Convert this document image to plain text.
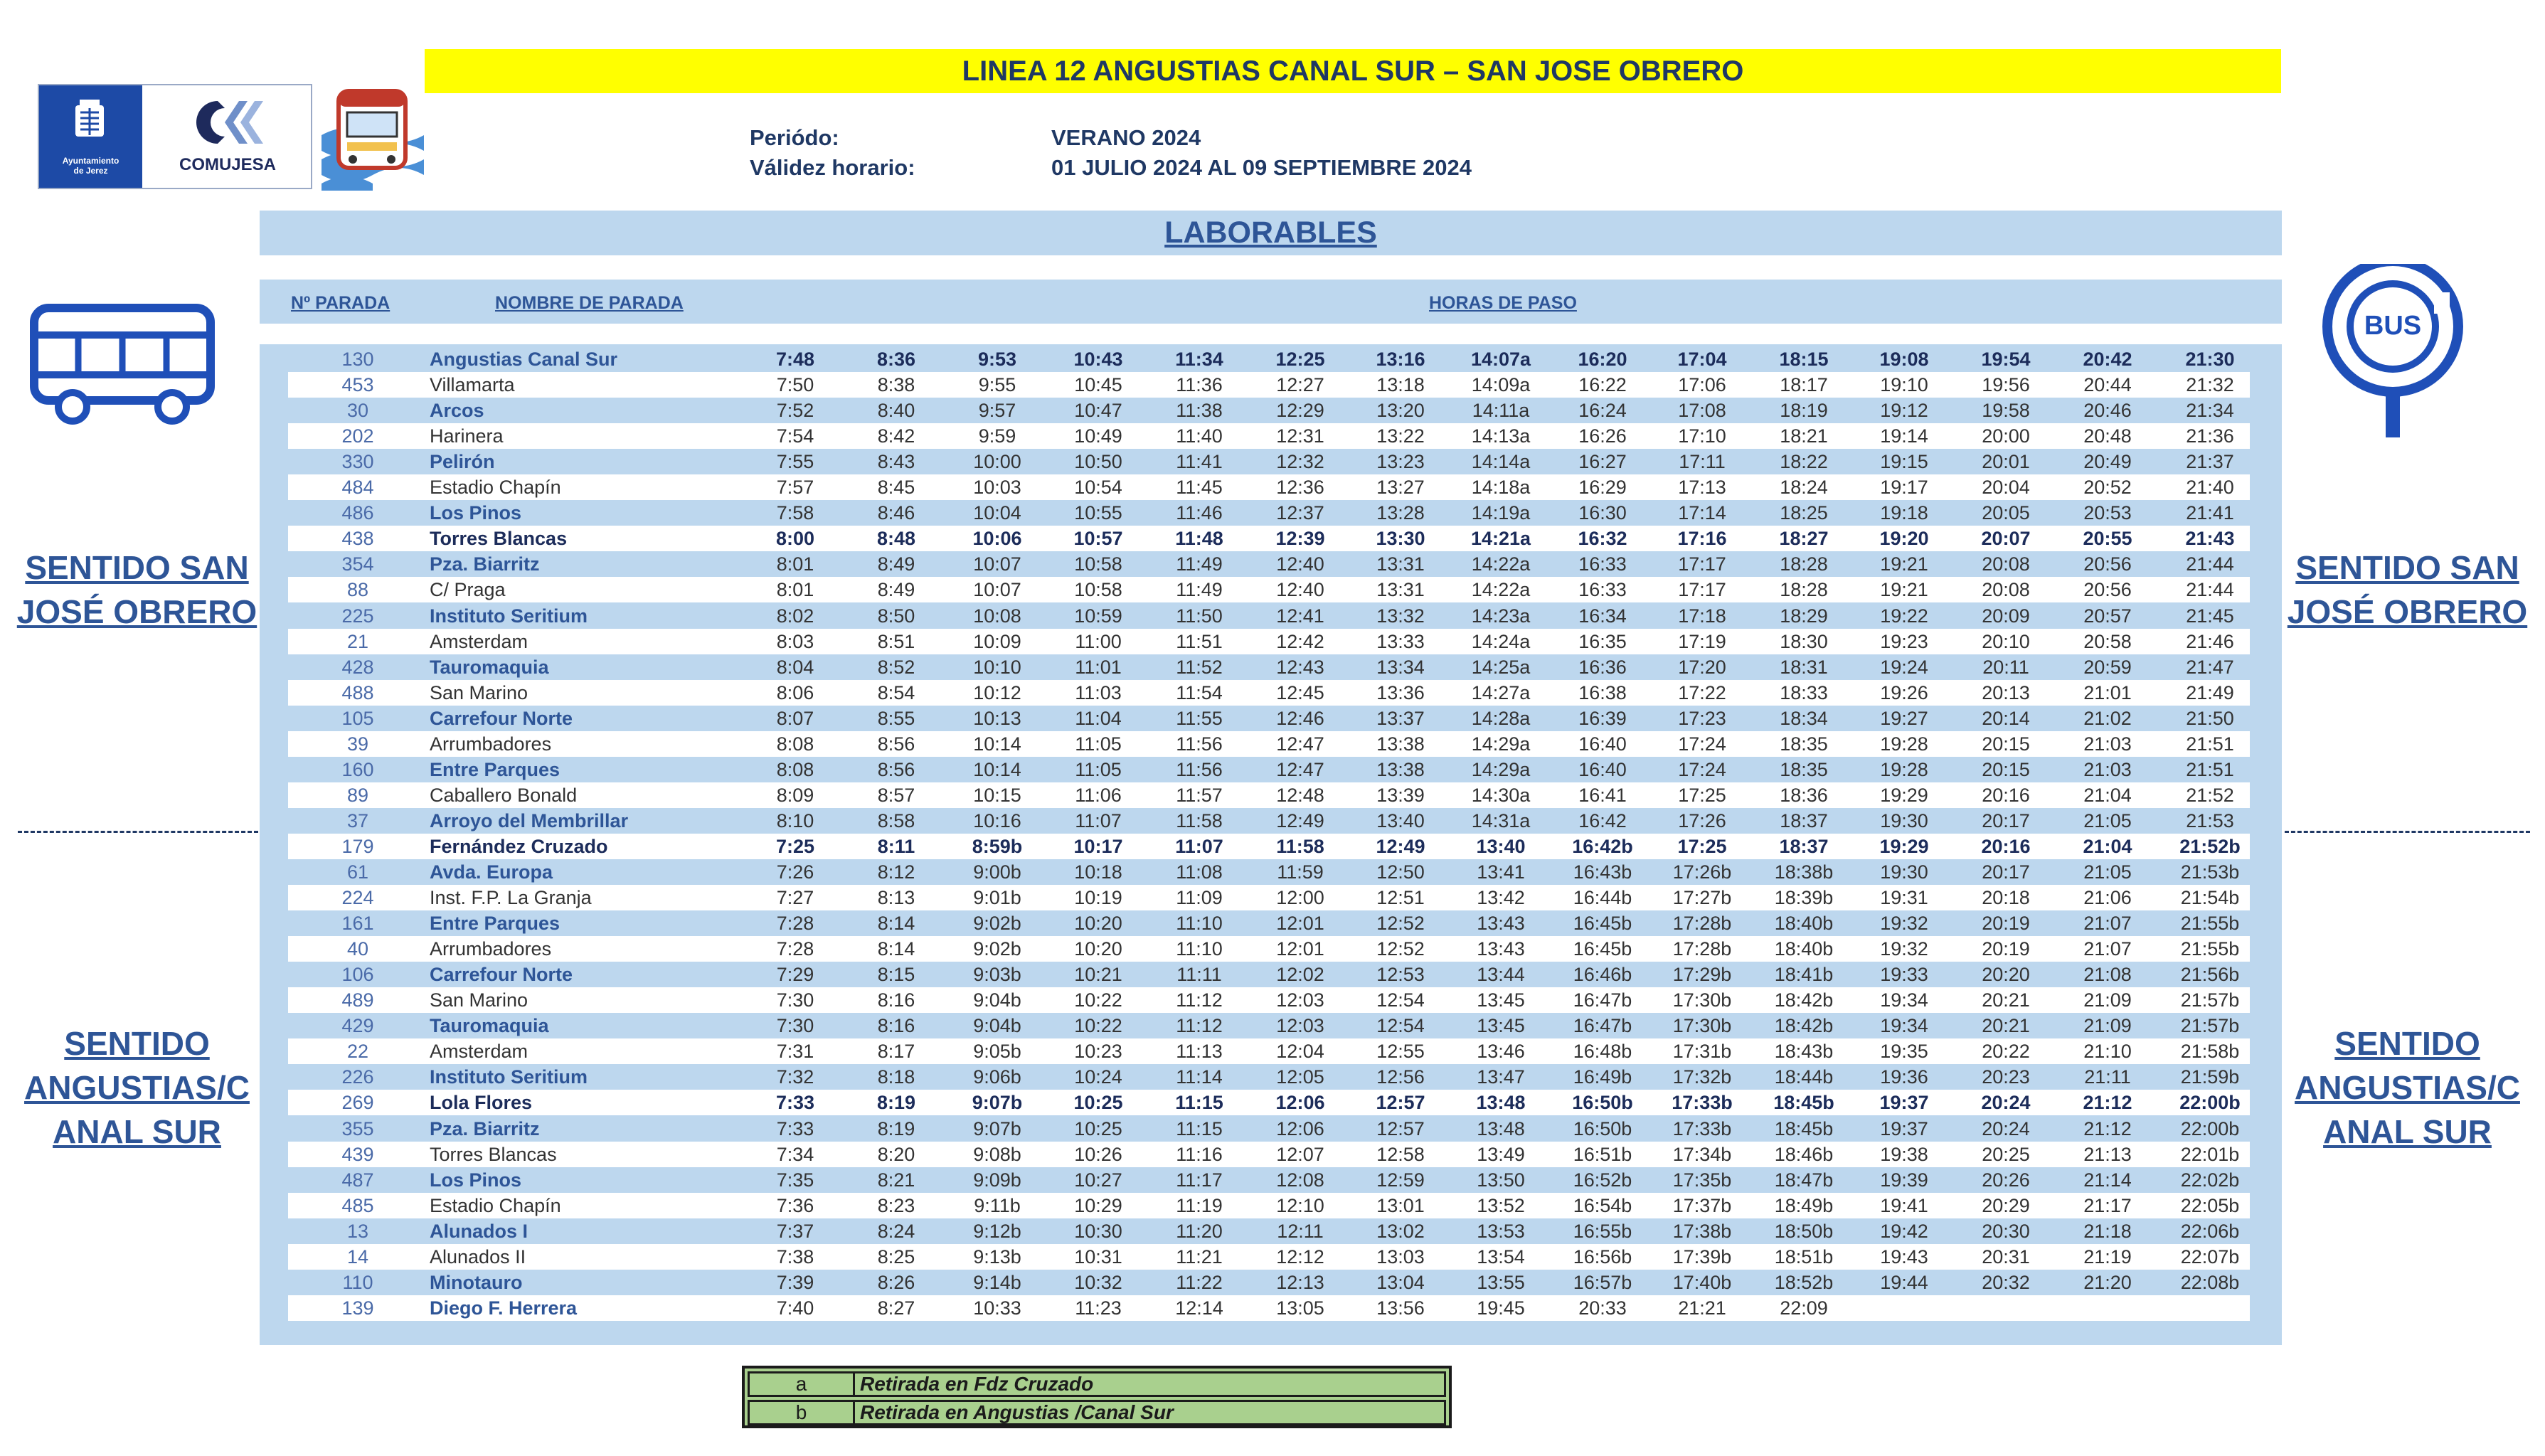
LINEA 12 ANGUSTIAS CANAL SUR – SAN JOSE OBRERO
Ayuntamiento
de Jerez	COMUJESA
Periódo:	VERANO 2024
Válidez horario:	01 JULIO 2024 AL 09 SEPTIEMBRE 2024
LABORABLES
Nº PARADA	NOMBRE DE PARADA	HORAS DE PASO
130	Angustias Canal Sur	7:48	8:36	9:53	10:43	11:34	12:25	13:16	14:07a	16:20	17:04	18:15	19:08	19:54	20:42	21:30
453	Villamarta	7:50	8:38	9:55	10:45	11:36	12:27	13:18	14:09a	16:22	17:06	18:17	19:10	19:56	20:44	21:32
30	Arcos	7:52	8:40	9:57	10:47	11:38	12:29	13:20	14:11a	16:24	17:08	18:19	19:12	19:58	20:46	21:34
202	Harinera	7:54	8:42	9:59	10:49	11:40	12:31	13:22	14:13a	16:26	17:10	18:21	19:14	20:00	20:48	21:36
330	Pelirón	7:55	8:43	10:00	10:50	11:41	12:32	13:23	14:14a	16:27	17:11	18:22	19:15	20:01	20:49	21:37
484	Estadio Chapín	7:57	8:45	10:03	10:54	11:45	12:36	13:27	14:18a	16:29	17:13	18:24	19:17	20:04	20:52	21:40
486	Los Pinos	7:58	8:46	10:04	10:55	11:46	12:37	13:28	14:19a	16:30	17:14	18:25	19:18	20:05	20:53	21:41
438	Torres Blancas	8:00	8:48	10:06	10:57	11:48	12:39	13:30	14:21a	16:32	17:16	18:27	19:20	20:07	20:55	21:43
354	Pza. Biarritz	8:01	8:49	10:07	10:58	11:49	12:40	13:31	14:22a	16:33	17:17	18:28	19:21	20:08	20:56	21:44
88	C/ Praga	8:01	8:49	10:07	10:58	11:49	12:40	13:31	14:22a	16:33	17:17	18:28	19:21	20:08	20:56	21:44
225	Instituto Seritium	8:02	8:50	10:08	10:59	11:50	12:41	13:32	14:23a	16:34	17:18	18:29	19:22	20:09	20:57	21:45
21	Amsterdam	8:03	8:51	10:09	11:00	11:51	12:42	13:33	14:24a	16:35	17:19	18:30	19:23	20:10	20:58	21:46
428	Tauromaquia	8:04	8:52	10:10	11:01	11:52	12:43	13:34	14:25a	16:36	17:20	18:31	19:24	20:11	20:59	21:47
488	San Marino	8:06	8:54	10:12	11:03	11:54	12:45	13:36	14:27a	16:38	17:22	18:33	19:26	20:13	21:01	21:49
105	Carrefour Norte	8:07	8:55	10:13	11:04	11:55	12:46	13:37	14:28a	16:39	17:23	18:34	19:27	20:14	21:02	21:50
39	Arrumbadores	8:08	8:56	10:14	11:05	11:56	12:47	13:38	14:29a	16:40	17:24	18:35	19:28	20:15	21:03	21:51
160	Entre Parques	8:08	8:56	10:14	11:05	11:56	12:47	13:38	14:29a	16:40	17:24	18:35	19:28	20:15	21:03	21:51
89	Caballero Bonald	8:09	8:57	10:15	11:06	11:57	12:48	13:39	14:30a	16:41	17:25	18:36	19:29	20:16	21:04	21:52
37	Arroyo del Membrillar	8:10	8:58	10:16	11:07	11:58	12:49	13:40	14:31a	16:42	17:26	18:37	19:30	20:17	21:05	21:53
179	Fernández Cruzado	7:25	8:11	8:59b	10:17	11:07	11:58	12:49	13:40	16:42b	17:25	18:37	19:29	20:16	21:04	21:52b
61	Avda. Europa	7:26	8:12	9:00b	10:18	11:08	11:59	12:50	13:41	16:43b	17:26b	18:38b	19:30	20:17	21:05	21:53b
224	Inst. F.P. La Granja	7:27	8:13	9:01b	10:19	11:09	12:00	12:51	13:42	16:44b	17:27b	18:39b	19:31	20:18	21:06	21:54b
161	Entre Parques	7:28	8:14	9:02b	10:20	11:10	12:01	12:52	13:43	16:45b	17:28b	18:40b	19:32	20:19	21:07	21:55b
40	Arrumbadores	7:28	8:14	9:02b	10:20	11:10	12:01	12:52	13:43	16:45b	17:28b	18:40b	19:32	20:19	21:07	21:55b
106	Carrefour Norte	7:29	8:15	9:03b	10:21	11:11	12:02	12:53	13:44	16:46b	17:29b	18:41b	19:33	20:20	21:08	21:56b
489	San Marino	7:30	8:16	9:04b	10:22	11:12	12:03	12:54	13:45	16:47b	17:30b	18:42b	19:34	20:21	21:09	21:57b
429	Tauromaquia	7:30	8:16	9:04b	10:22	11:12	12:03	12:54	13:45	16:47b	17:30b	18:42b	19:34	20:21	21:09	21:57b
22	Amsterdam	7:31	8:17	9:05b	10:23	11:13	12:04	12:55	13:46	16:48b	17:31b	18:43b	19:35	20:22	21:10	21:58b
226	Instituto Seritium	7:32	8:18	9:06b	10:24	11:14	12:05	12:56	13:47	16:49b	17:32b	18:44b	19:36	20:23	21:11	21:59b
269	Lola Flores	7:33	8:19	9:07b	10:25	11:15	12:06	12:57	13:48	16:50b	17:33b	18:45b	19:37	20:24	21:12	22:00b
355	Pza. Biarritz	7:33	8:19	9:07b	10:25	11:15	12:06	12:57	13:48	16:50b	17:33b	18:45b	19:37	20:24	21:12	22:00b
439	Torres Blancas	7:34	8:20	9:08b	10:26	11:16	12:07	12:58	13:49	16:51b	17:34b	18:46b	19:38	20:25	21:13	22:01b
487	Los Pinos	7:35	8:21	9:09b	10:27	11:17	12:08	12:59	13:50	16:52b	17:35b	18:47b	19:39	20:26	21:14	22:02b
485	Estadio Chapín	7:36	8:23	9:11b	10:29	11:19	12:10	13:01	13:52	16:54b	17:37b	18:49b	19:41	20:29	21:17	22:05b
13	Alunados I	7:37	8:24	9:12b	10:30	11:20	12:11	13:02	13:53	16:55b	17:38b	18:50b	19:42	20:30	21:18	22:06b
14	Alunados II	7:38	8:25	9:13b	10:31	11:21	12:12	13:03	13:54	16:56b	17:39b	18:51b	19:43	20:31	21:19	22:07b
110	Minotauro	7:39	8:26	9:14b	10:32	11:22	12:13	13:04	13:55	16:57b	17:40b	18:52b	19:44	20:32	21:20	22:08b
139	Diego F. Herrera	7:40	8:27	10:33	11:23	12:14	13:05	13:56	19:45	20:33	21:21	22:09
SENTIDO SAN
JOSÉ OBRERO
SENTIDO SAN
JOSÉ OBRERO
SENTIDO
ANGUSTIAS/C
ANAL SUR
SENTIDO
ANGUSTIAS/C
ANAL SUR
BUS
a	Retirada en Fdz Cruzado
b	Retirada en Angustias /Canal Sur
